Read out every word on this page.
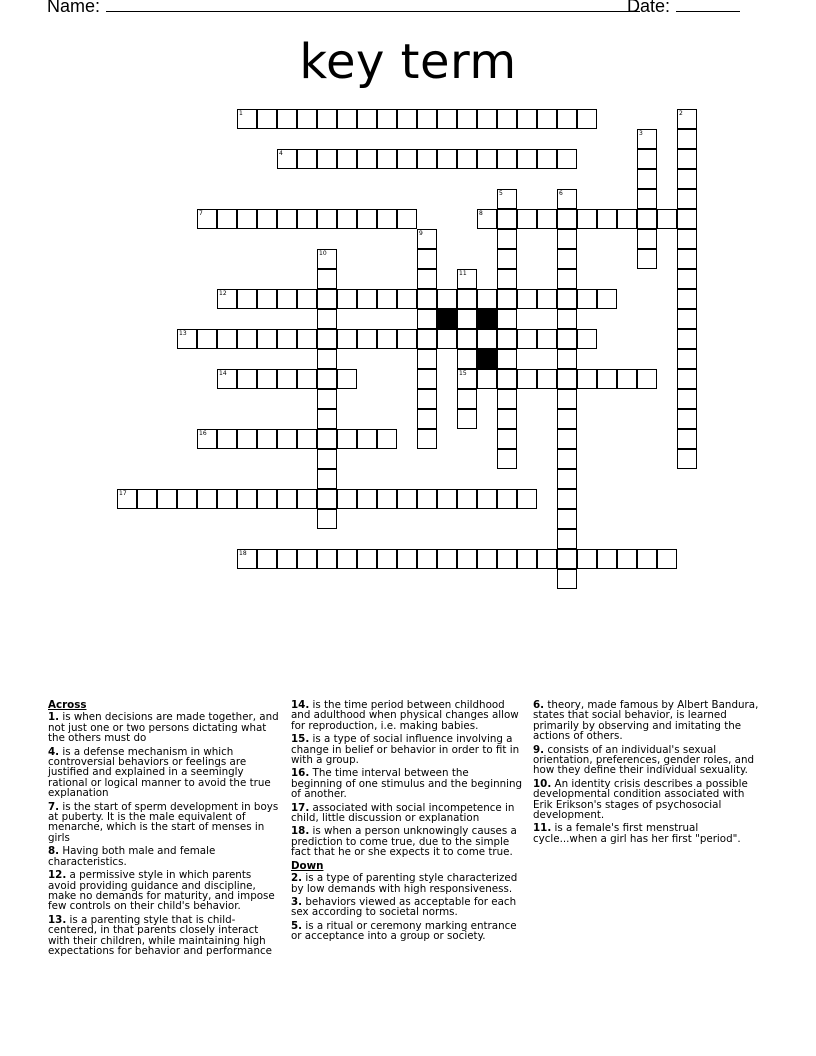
Name:	Date:
key term
1
4
7	8
12
13
14	15
16
17
18
2
3
5	6
9
10
11
Across
1. is when decisions are made together, and not just one or two persons dictating what the others must do
4. is a defense mechanism in which controversial behaviors or feelings are justified and explained in a seemingly rational or logical manner to avoid the true explanation
7. is the start of sperm development in boys at puberty. It is the male equivalent of menarche, which is the start of menses in girls
8. Having both male and female characteristics.
12. a permissive style in which parents avoid providing guidance and discipline, make no demands for maturity, and impose few controls on their child's behavior.
13. is a parenting style that is child-centered, in that parents closely interact with their children, while maintaining high expectations for behavior and performance
14. is the time period between childhood and adulthood when physical changes allow for reproduction, i.e. making babies.
15. is a type of social influence involving a change in belief or behavior in order to fit in with a group.
16. The time interval between the beginning of one stimulus and the beginning of another.
17. associated with social incompetence in child, little discussion or explanation
18. is when a person unknowingly causes a prediction to come true, due to the simple fact that he or she expects it to come true.
Down
2. is a type of parenting style characterized by low demands with high responsiveness.
3. behaviors viewed as acceptable for each sex according to societal norms.
5. is a ritual or ceremony marking entrance or acceptance into a group or society.
6. theory, made famous by Albert Bandura, states that social behavior, is learned primarily by observing and imitating the actions of others.
9. consists of an individual's sexual orientation, preferences, gender roles, and how they define their individual sexuality.
10. An identity crisis describes a possible developmental condition associated with Erik Erikson's stages of psychosocial development.
11. is a female's first menstrual cycle...when a girl has her first "period".
